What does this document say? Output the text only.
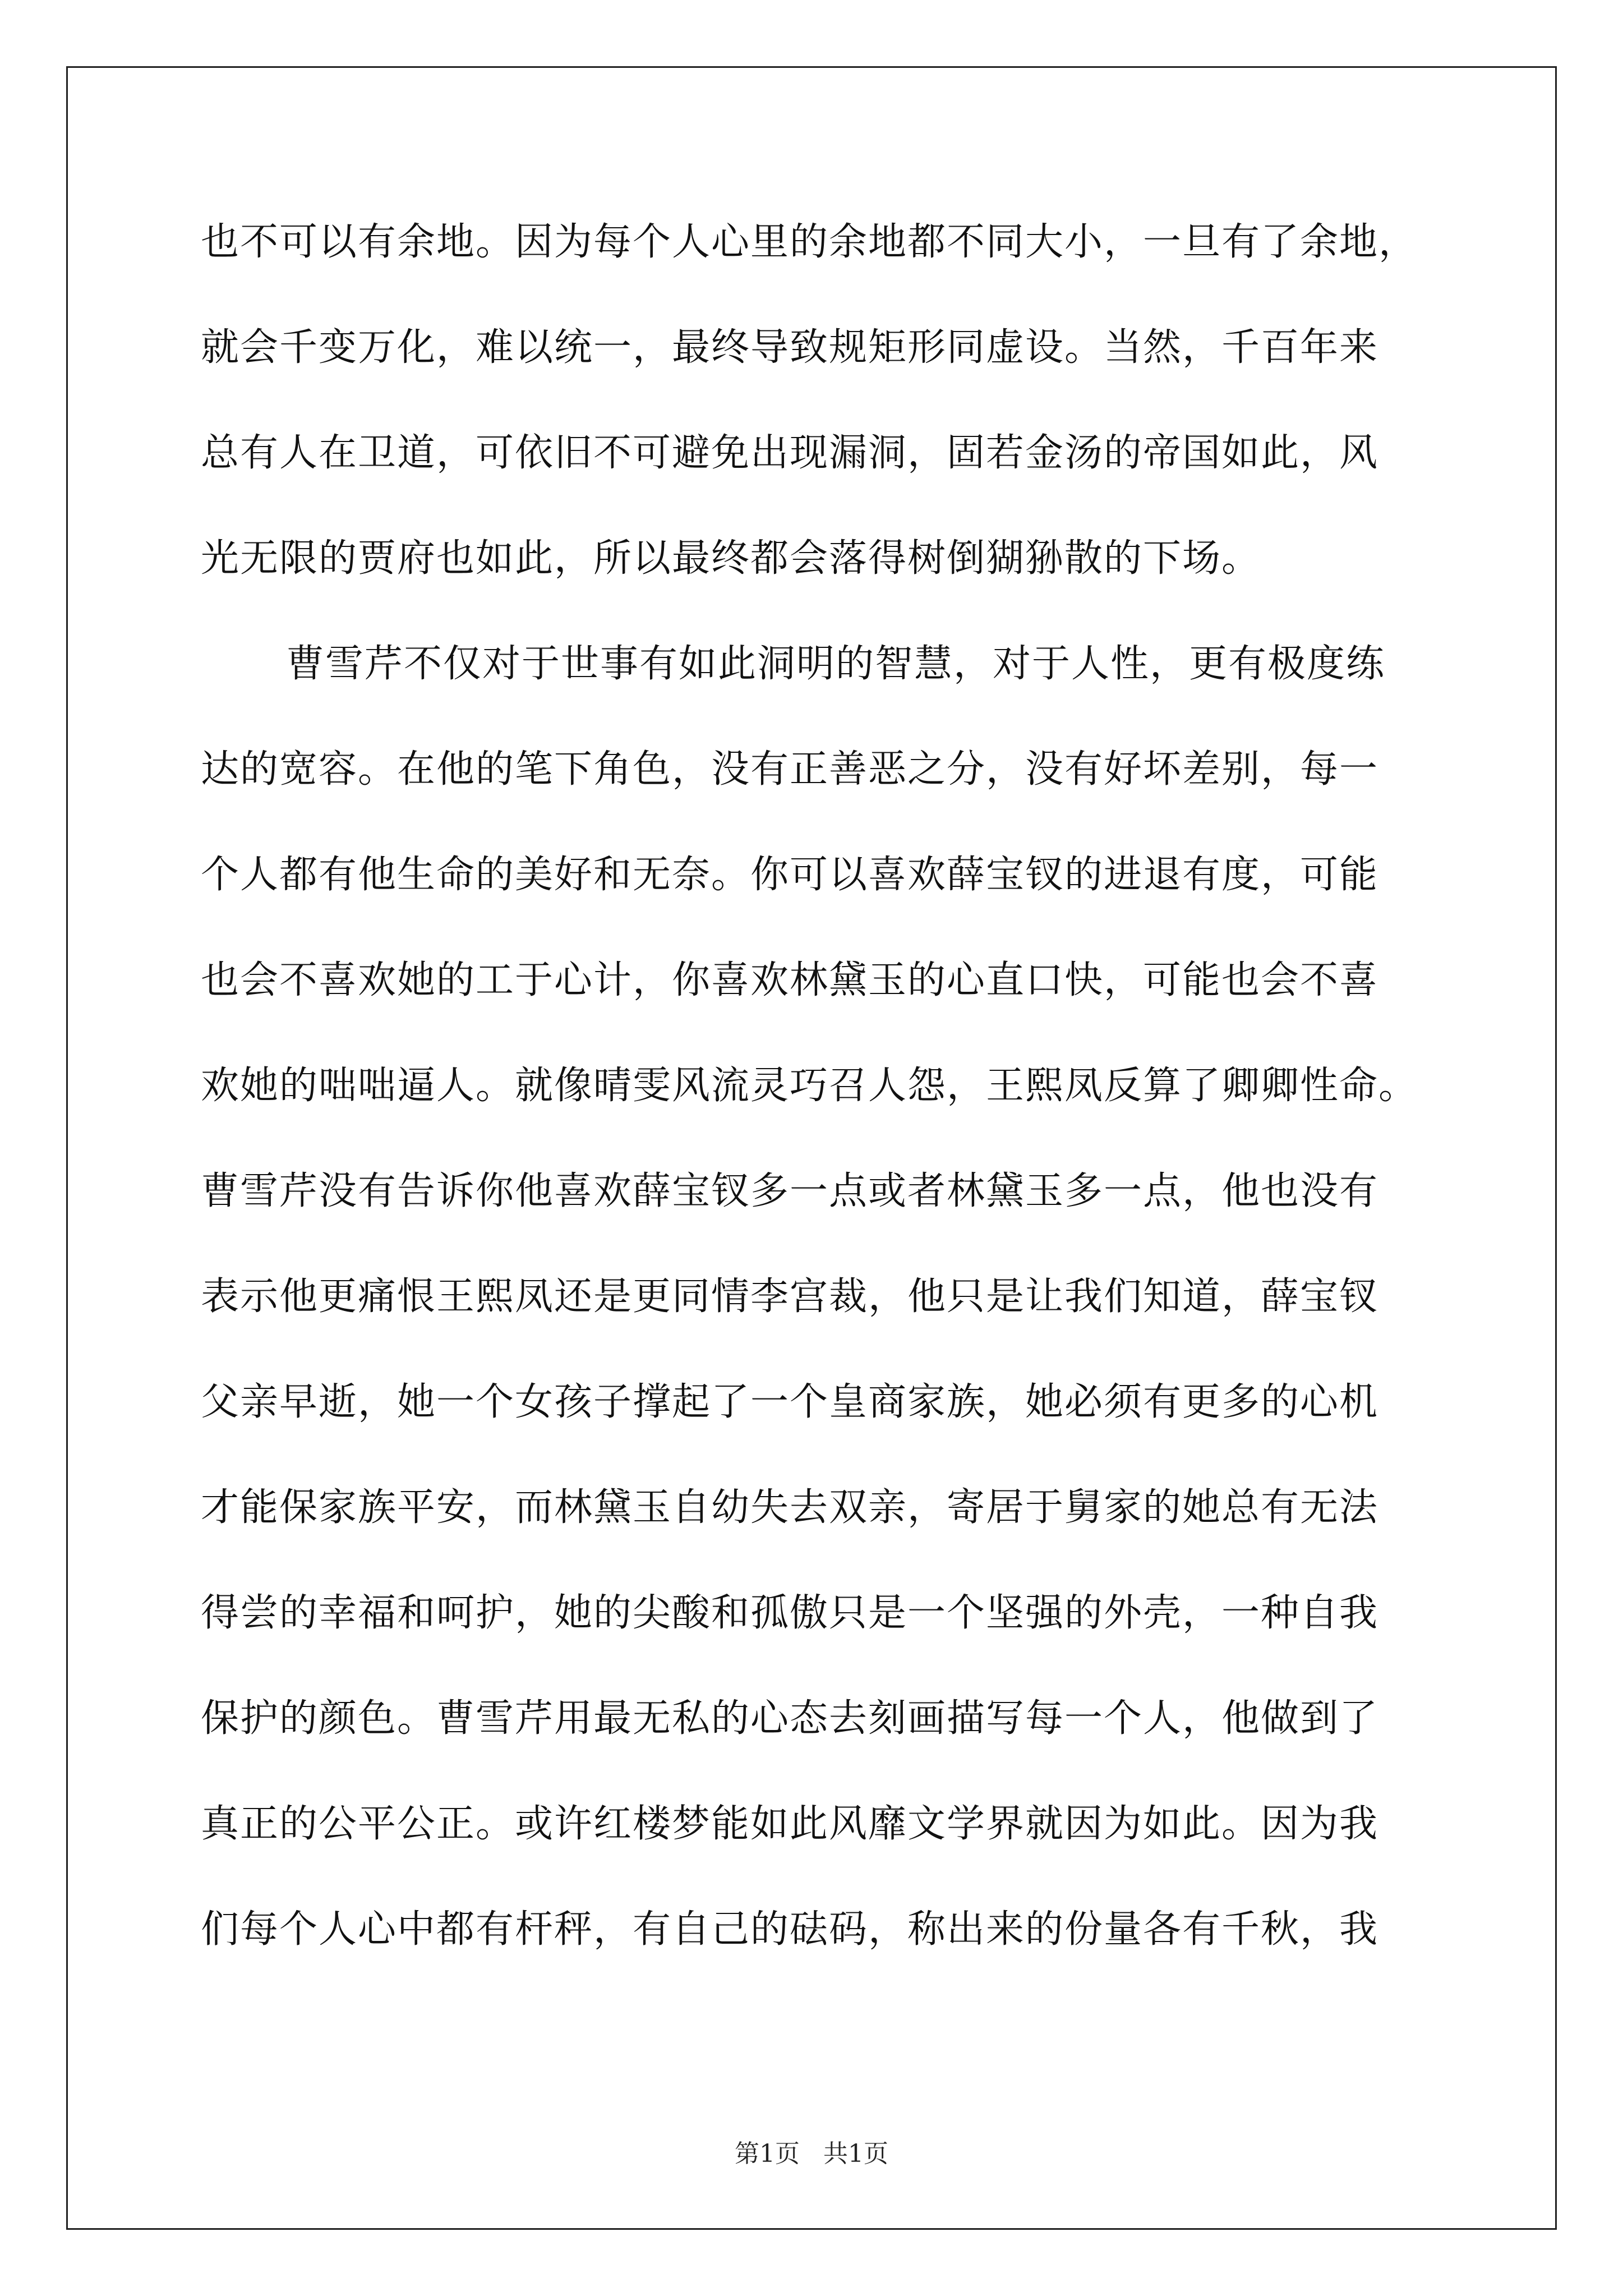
也不可以有余地。因为每个人心里的余地都不同大小，一旦有了余地，
就会千变万化，难以统一，最终导致规矩形同虚设。当然，千百年来
总有人在卫道，可依旧不可避免出现漏洞，固若金汤的帝国如此，风
光无限的贾府也如此，所以最终都会落得树倒猢狲散的下场。
曹雪芹不仅对于世事有如此洞明的智慧，对于人性，更有极度练
达的宽容。在他的笔下角色，没有正善恶之分，没有好坏差别，每一
个人都有他生命的美好和无奈。你可以喜欢薛宝钗的进退有度，可能
也会不喜欢她的工于心计，你喜欢林黛玉的心直口快，可能也会不喜
欢她的咄咄逼人。就像晴雯风流灵巧召人怨，王熙凤反算了卿卿性命。
曹雪芹没有告诉你他喜欢薛宝钗多一点或者林黛玉多一点，他也没有
表示他更痛恨王熙凤还是更同情李宫裁，他只是让我们知道，薛宝钗
父亲早逝，她一个女孩子撑起了一个皇商家族，她必须有更多的心机
才能保家族平安，而林黛玉自幼失去双亲，寄居于舅家的她总有无法
得尝的幸福和呵护，她的尖酸和孤傲只是一个坚强的外壳，一种自我
保护的颜色。曹雪芹用最无私的心态去刻画描写每一个人，他做到了
真正的公平公正。或许红楼梦能如此风靡文学界就因为如此。因为我
们每个人心中都有杆秤，有自己的砝码，称出来的份量各有千秋，我
第1页 共1页
